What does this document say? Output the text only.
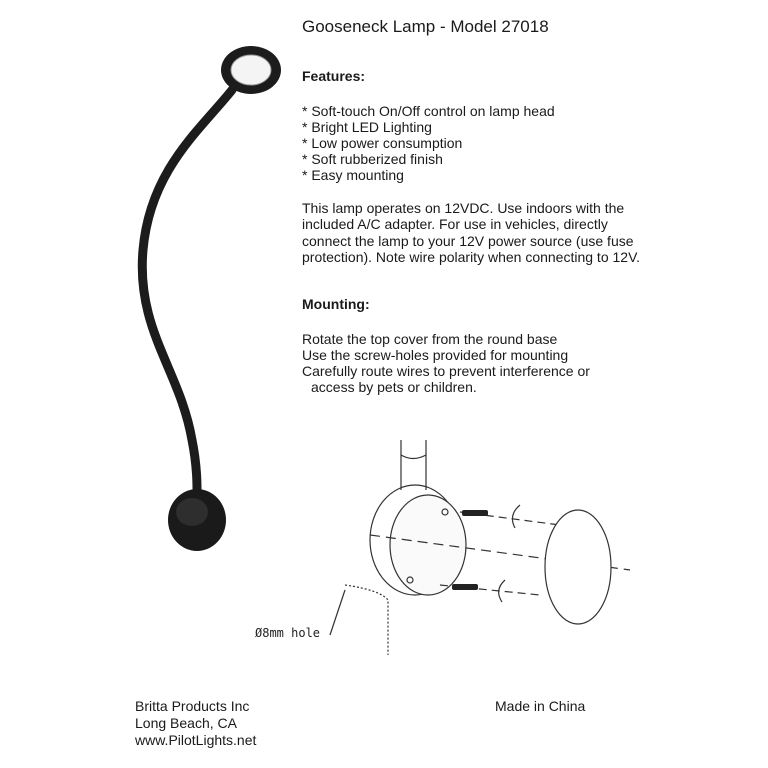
Ø8mm hole
Gooseneck Lamp - Model 27018
Features:
* Soft-touch On/Off control on lamp head
* Bright LED Lighting
* Low power consumption
* Soft rubberized finish
* Easy mounting
This lamp operates on 12VDC. Use indoors with the included A/C adapter. For use in vehicles, directly connect the lamp to your 12V power source (use fuse protection). Note wire polarity when connecting to 12V.
Mounting:
Rotate the top cover from the round base
Use the screw-holes provided for mounting
Carefully route wires to prevent interference or
access by pets or children.
Britta Products Inc
Long Beach, CA
www.PilotLights.net
Made in China
